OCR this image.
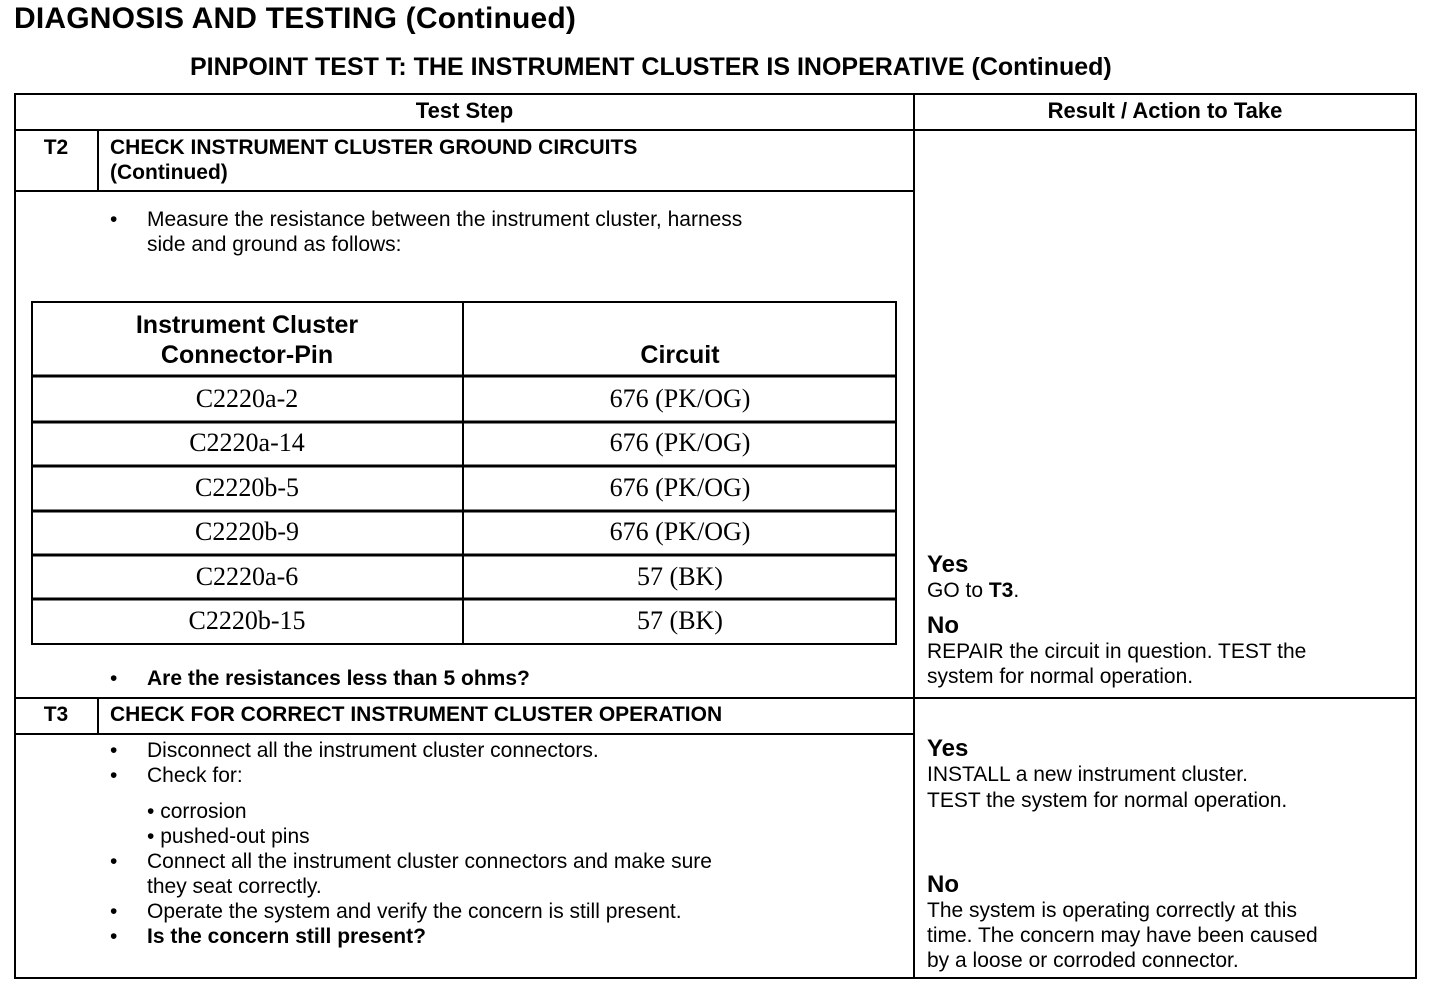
DIAGNOSIS AND TESTING (Continued)
PINPOINT TEST T: THE INSTRUMENT CLUSTER IS INOPERATIVE (Continued)
Test Step	Result / Action to Take
T2	CHECK INSTRUMENT CLUSTER GROUND CIRCUITS
(Continued)
• Measure the resistance between the instrument cluster, harness
side and ground as follows:
Instrument Cluster
Connector-Pin	Circuit
C2220a-2	676 (PK/OG)
C2220a-14	676 (PK/OG)
C2220b-5	676 (PK/OG)
C2220b-9	676 (PK/OG)
C2220a-6	57 (BK)
C2220b-15	57 (BK)
• Are the resistances less than 5 ohms?
Yes
GO to T3.
No
REPAIR the circuit in question. TEST the
system for normal operation.
T3	CHECK FOR CORRECT INSTRUMENT CLUSTER OPERATION
• Disconnect all the instrument cluster connectors.
• Check for:
• corrosion
• pushed-out pins
• Connect all the instrument cluster connectors and make sure
they seat correctly.
• Operate the system and verify the concern is still present.
• Is the concern still present?
Yes
INSTALL a new instrument cluster.
TEST the system for normal operation.
No
The system is operating correctly at this
time. The concern may have been caused
by a loose or corroded connector.
